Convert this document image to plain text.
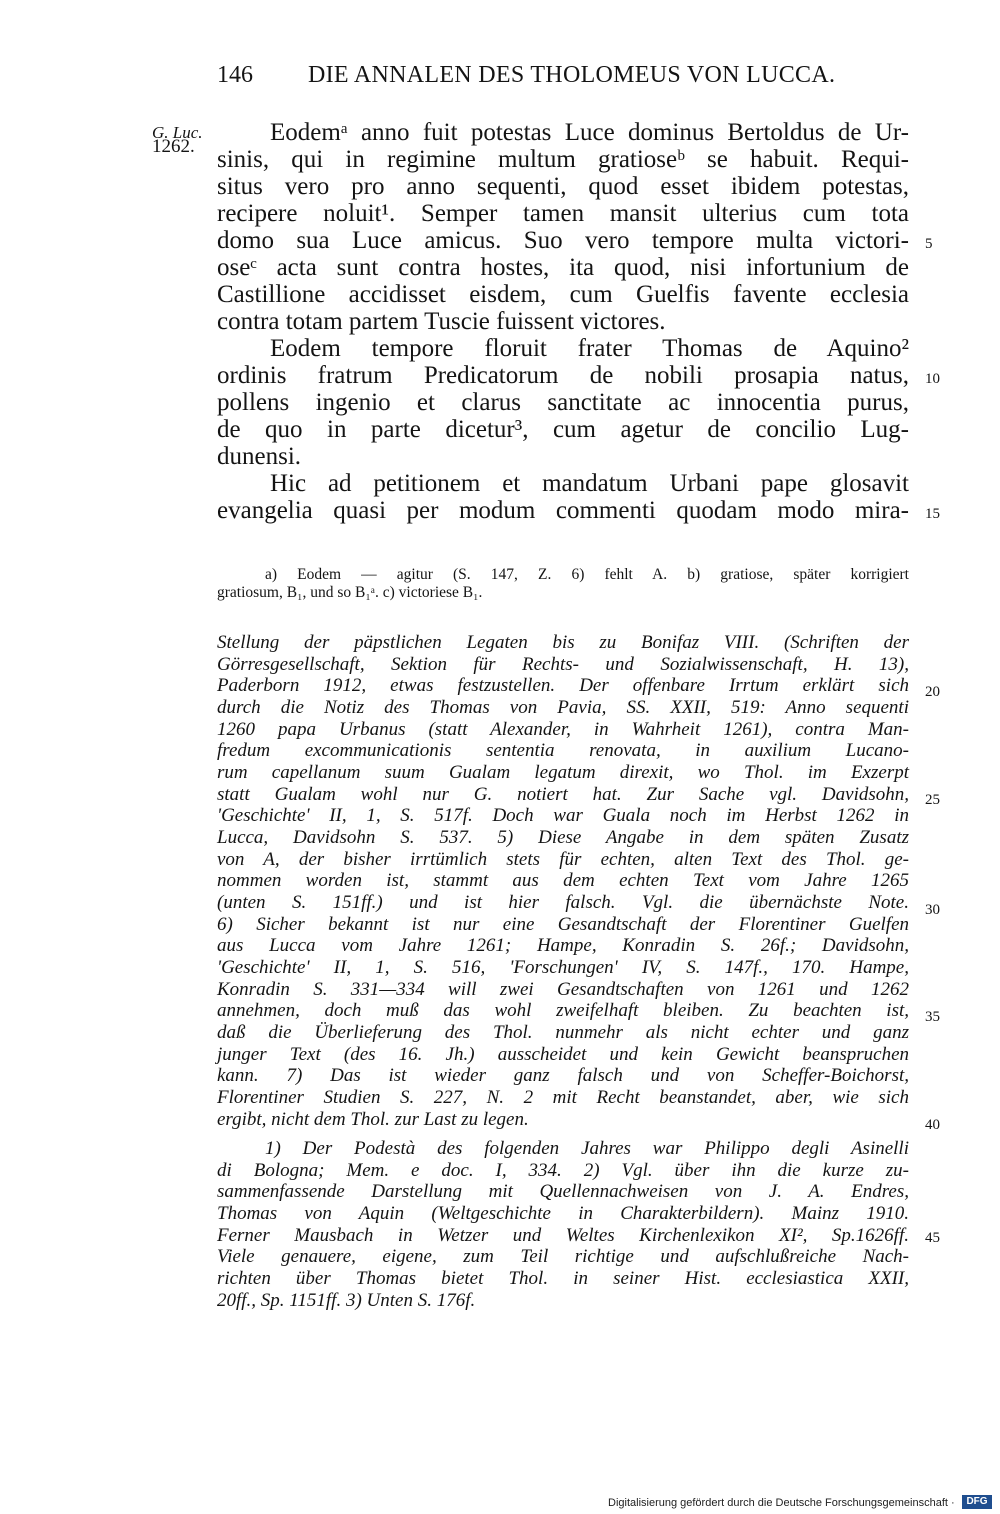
146 DIE ANNALEN DES THOLOMEUS VON LUCCA.
G. Luc.
1262.
Eodemᵃ anno fuit potestas Luce dominus Bertoldus de Ur-
sinis, qui in regimine multum gratioseᵇ se habuit. Requi-
situs vero pro anno sequenti, quod esset ibidem potestas,
recipere noluit¹. Semper tamen mansit ulterius cum tota
domo sua Luce amicus. Suo vero tempore multa victori-
oseᶜ acta sunt contra hostes, ita quod, nisi infortunium de
Castillione accidisset eisdem, cum Guelfis favente ecclesia
contra totam partem Tuscie fuissent victores.
Eodem tempore floruit frater Thomas de Aquino²
ordinis fratrum Predicatorum de nobili prosapia natus,
pollens ingenio et clarus sanctitate ac innocentia purus,
de quo in parte dicetur³, cum agetur de concilio Lug-
dunensi.
Hic ad petitionem et mandatum Urbani pape glosavit
evangelia quasi per modum commenti quodam modo mira-
5
10
15
a) Eodem — agitur (S. 147, Z. 6) fehlt A. b) gratiose, später korrigiert
gratiosum, B₁, und so B₁ᵃ. c) victoriese B₁.
Stellung der päpstlichen Legaten bis zu Bonifaz VIII. (Schriften der
Görresgesellschaft, Sektion für Rechts- und Sozialwissenschaft, H. 13),
Paderborn 1912, etwas festzustellen. Der offenbare Irrtum erklärt sich
durch die Notiz des Thomas von Pavia, SS. XXII, 519: Anno sequenti
1260 papa Urbanus (statt Alexander, in Wahrheit 1261), contra Man-
fredum excommunicationis sententia renovata, in auxilium Lucano-
rum capellanum suum Gualam legatum direxit, wo Thol. im Exzerpt
statt Gualam wohl nur G. notiert hat. Zur Sache vgl. Davidsohn,
'Geschichte' II, 1, S. 517f. Doch war Guala noch im Herbst 1262 in
Lucca, Davidsohn S. 537. 5) Diese Angabe in dem späten Zusatz
von A, der bisher irrtümlich stets für echten, alten Text des Thol. ge-
nommen worden ist, stammt aus dem echten Text vom Jahre 1265
(unten S. 151ff.) und ist hier falsch. Vgl. die übernächste Note.
6) Sicher bekannt ist nur eine Gesandtschaft der Florentiner Guelfen
aus Lucca vom Jahre 1261; Hampe, Konradin S. 26f.; Davidsohn,
'Geschichte' II, 1, S. 516, 'Forschungen' IV, S. 147f., 170. Hampe,
Konradin S. 331—334 will zwei Gesandtschaften von 1261 und 1262
annehmen, doch muß das wohl zweifelhaft bleiben. Zu beachten ist,
daß die Überlieferung des Thol. nunmehr als nicht echter und ganz
junger Text (des 16. Jh.) ausscheidet und kein Gewicht beanspruchen
kann. 7) Das ist wieder ganz falsch und von Scheffer-Boichorst,
Florentiner Studien S. 227, N. 2 mit Recht beanstandet, aber, wie sich
ergibt, nicht dem Thol. zur Last zu legen.
1) Der Podestà des folgenden Jahres war Philippo degli Asinelli
di Bologna; Mem. e doc. I, 334. 2) Vgl. über ihn die kurze zu-
sammenfassende Darstellung mit Quellennachweisen von J. A. Endres,
Thomas von Aquin (Weltgeschichte in Charakterbildern). Mainz 1910.
Ferner Mausbach in Wetzer und Weltes Kirchenlexikon XI², Sp.1626ff.
Viele genauere, eigene, zum Teil richtige und aufschlußreiche Nach-
richten über Thomas bietet Thol. in seiner Hist. ecclesiastica XXII,
20ff., Sp. 1151ff. 3) Unten S. 176f.
20
25
30
35
40
45
Digitalisierung gefördert durch die Deutsche Forschungsgemeinschaft ·	DFG
